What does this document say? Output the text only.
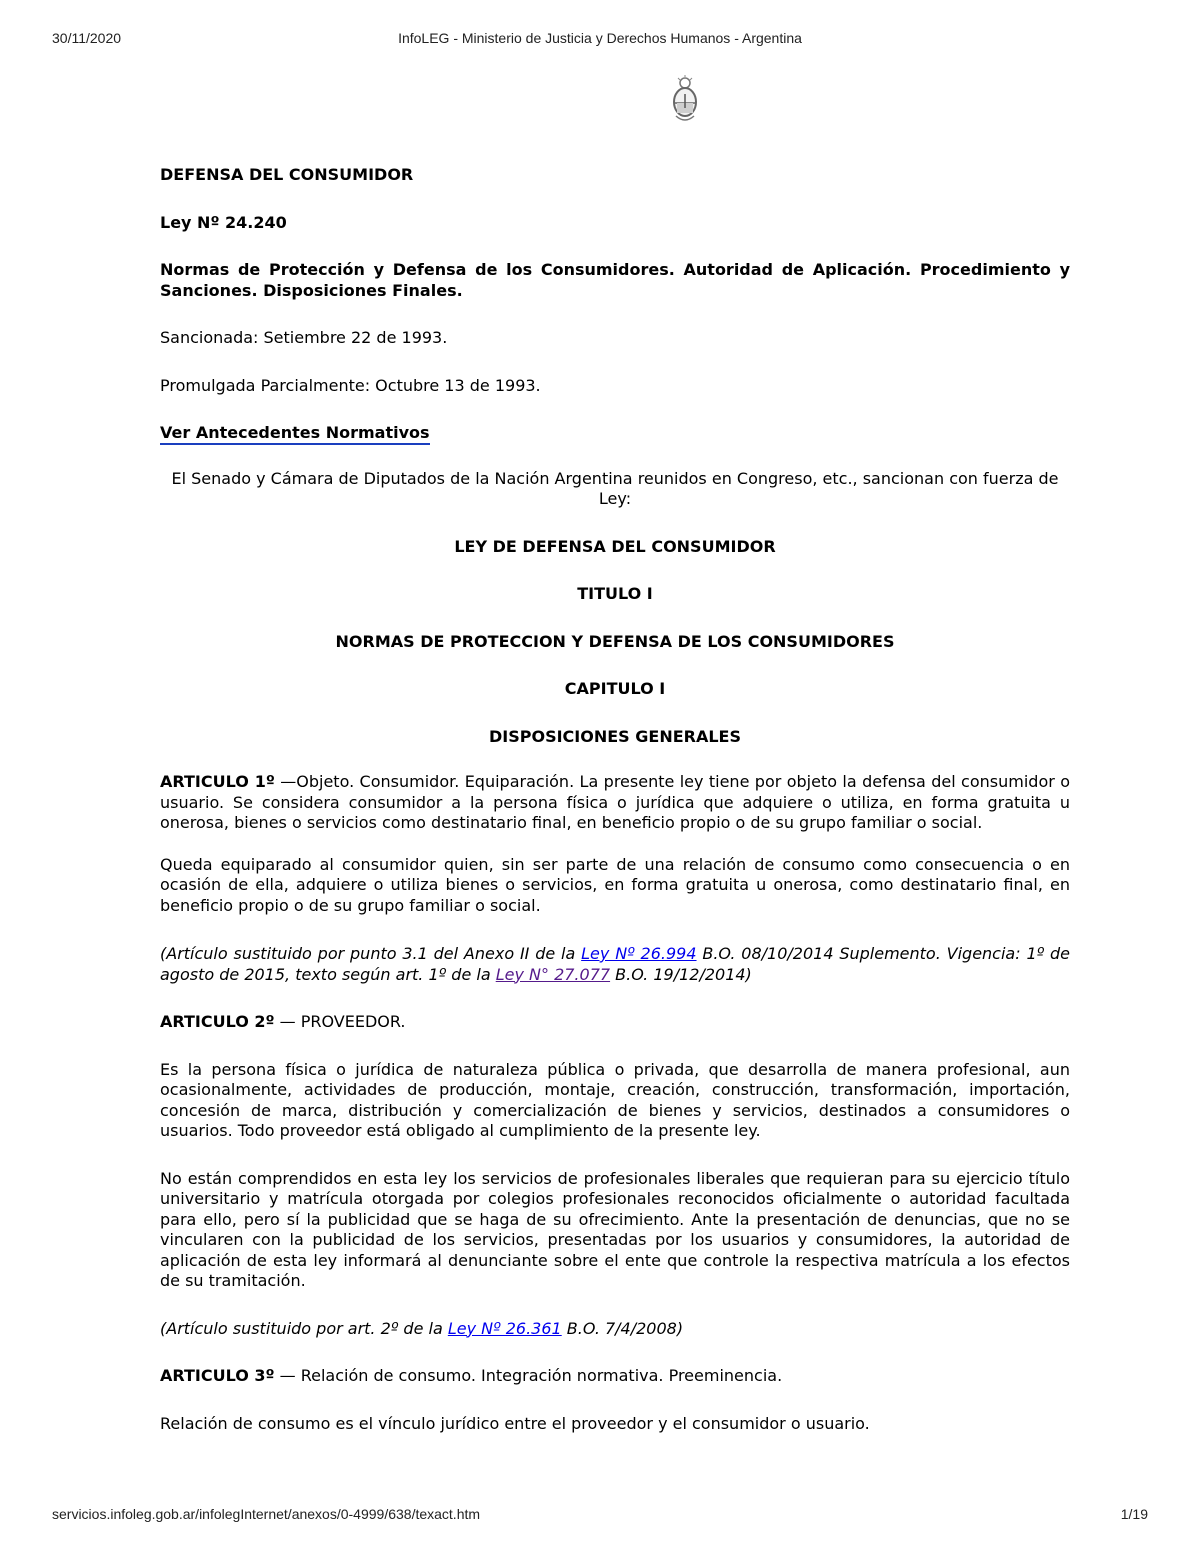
30/11/2020	InfoLEG - Ministerio de Justicia y Derechos Humanos - Argentina

DEFENSA DEL CONSUMIDOR

Ley Nº 24.240

Normas de Protección y Defensa de los Consumidores. Autoridad de Aplicación. Procedimiento y Sanciones. Disposiciones Finales.

Sancionada: Setiembre 22 de 1993.

Promulgada Parcialmente: Octubre 13 de 1993.

Ver Antecedentes Normativos

El Senado y Cámara de Diputados de la Nación Argentina reunidos en Congreso, etc., sancionan con fuerza de Ley:

LEY DE DEFENSA DEL CONSUMIDOR

TITULO I

NORMAS DE PROTECCION Y DEFENSA DE LOS CONSUMIDORES

CAPITULO I

DISPOSICIONES GENERALES

ARTICULO 1º —Objeto. Consumidor. Equiparación. La presente ley tiene por objeto la defensa del consumidor o usuario. Se considera consumidor a la persona física o jurídica que adquiere o utiliza, en forma gratuita u onerosa, bienes o servicios como destinatario final, en beneficio propio o de su grupo familiar o social.

Queda equiparado al consumidor quien, sin ser parte de una relación de consumo como consecuencia o en ocasión de ella, adquiere o utiliza bienes o servicios, en forma gratuita u onerosa, como destinatario final, en beneficio propio o de su grupo familiar o social.

(Artículo sustituido por punto 3.1 del Anexo II de la Ley Nº 26.994 B.O. 08/10/2014 Suplemento. Vigencia: 1º de agosto de 2015, texto según art. 1º de la Ley N° 27.077 B.O. 19/12/2014)

ARTICULO 2º — PROVEEDOR.

Es la persona física o jurídica de naturaleza pública o privada, que desarrolla de manera profesional, aun ocasionalmente, actividades de producción, montaje, creación, construcción, transformación, importación, concesión de marca, distribución y comercialización de bienes y servicios, destinados a consumidores o usuarios. Todo proveedor está obligado al cumplimiento de la presente ley.

No están comprendidos en esta ley los servicios de profesionales liberales que requieran para su ejercicio título universitario y matrícula otorgada por colegios profesionales reconocidos oficialmente o autoridad facultada para ello, pero sí la publicidad que se haga de su ofrecimiento. Ante la presentación de denuncias, que no se vincularen con la publicidad de los servicios, presentadas por los usuarios y consumidores, la autoridad de aplicación de esta ley informará al denunciante sobre el ente que controle la respectiva matrícula a los efectos de su tramitación.

(Artículo sustituido por art. 2º de la Ley Nº 26.361 B.O. 7/4/2008)

ARTICULO 3º — Relación de consumo. Integración normativa. Preeminencia.

Relación de consumo es el vínculo jurídico entre el proveedor y el consumidor o usuario.

servicios.infoleg.gob.ar/infolegInternet/anexos/0-4999/638/texact.htm	1/19
